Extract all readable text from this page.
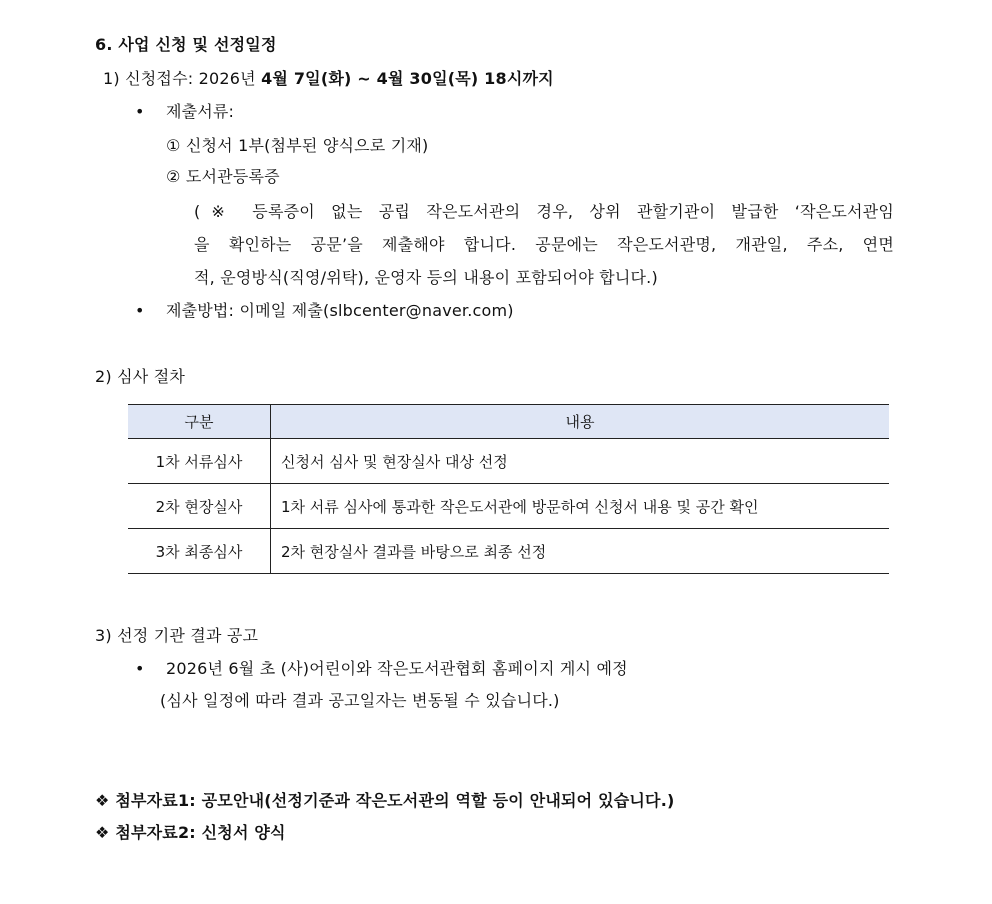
6. 사업 신청 및 선정일정
1) 신청접수: 2026년 4월 7일(화) ~ 4월 30일(목) 18시까지
• 제출서류:
① 신청서 1부(첨부된 양식으로 기재)
② 도서관등록증
(※ 등록증이 없는 공립 작은도서관의 경우, 상위 관할기관이 발급한 ‘작은도서관임
을 확인하는 공문’을 제출해야 합니다. 공문에는 작은도서관명, 개관일, 주소, 연면
적, 운영방식(직영/위탁), 운영자 등의 내용이 포함되어야 합니다.)
• 제출방법: 이메일 제출(slbcenter@naver.com)
2) 심사 절차
구분	내용
1차 서류심사	신청서 심사 및 현장실사 대상 선정
2차 현장실사	1차 서류 심사에 통과한 작은도서관에 방문하여 신청서 내용 및 공간 확인
3차 최종심사	2차 현장실사 결과를 바탕으로 최종 선정
3) 선정 기관 결과 공고
• 2026년 6월 초 (사)어린이와 작은도서관협회 홈페이지 게시 예정
(심사 일정에 따라 결과 공고일자는 변동될 수 있습니다.)
❖ 첨부자료1: 공모안내(선정기준과 작은도서관의 역할 등이 안내되어 있습니다.)
❖ 첨부자료2: 신청서 양식
